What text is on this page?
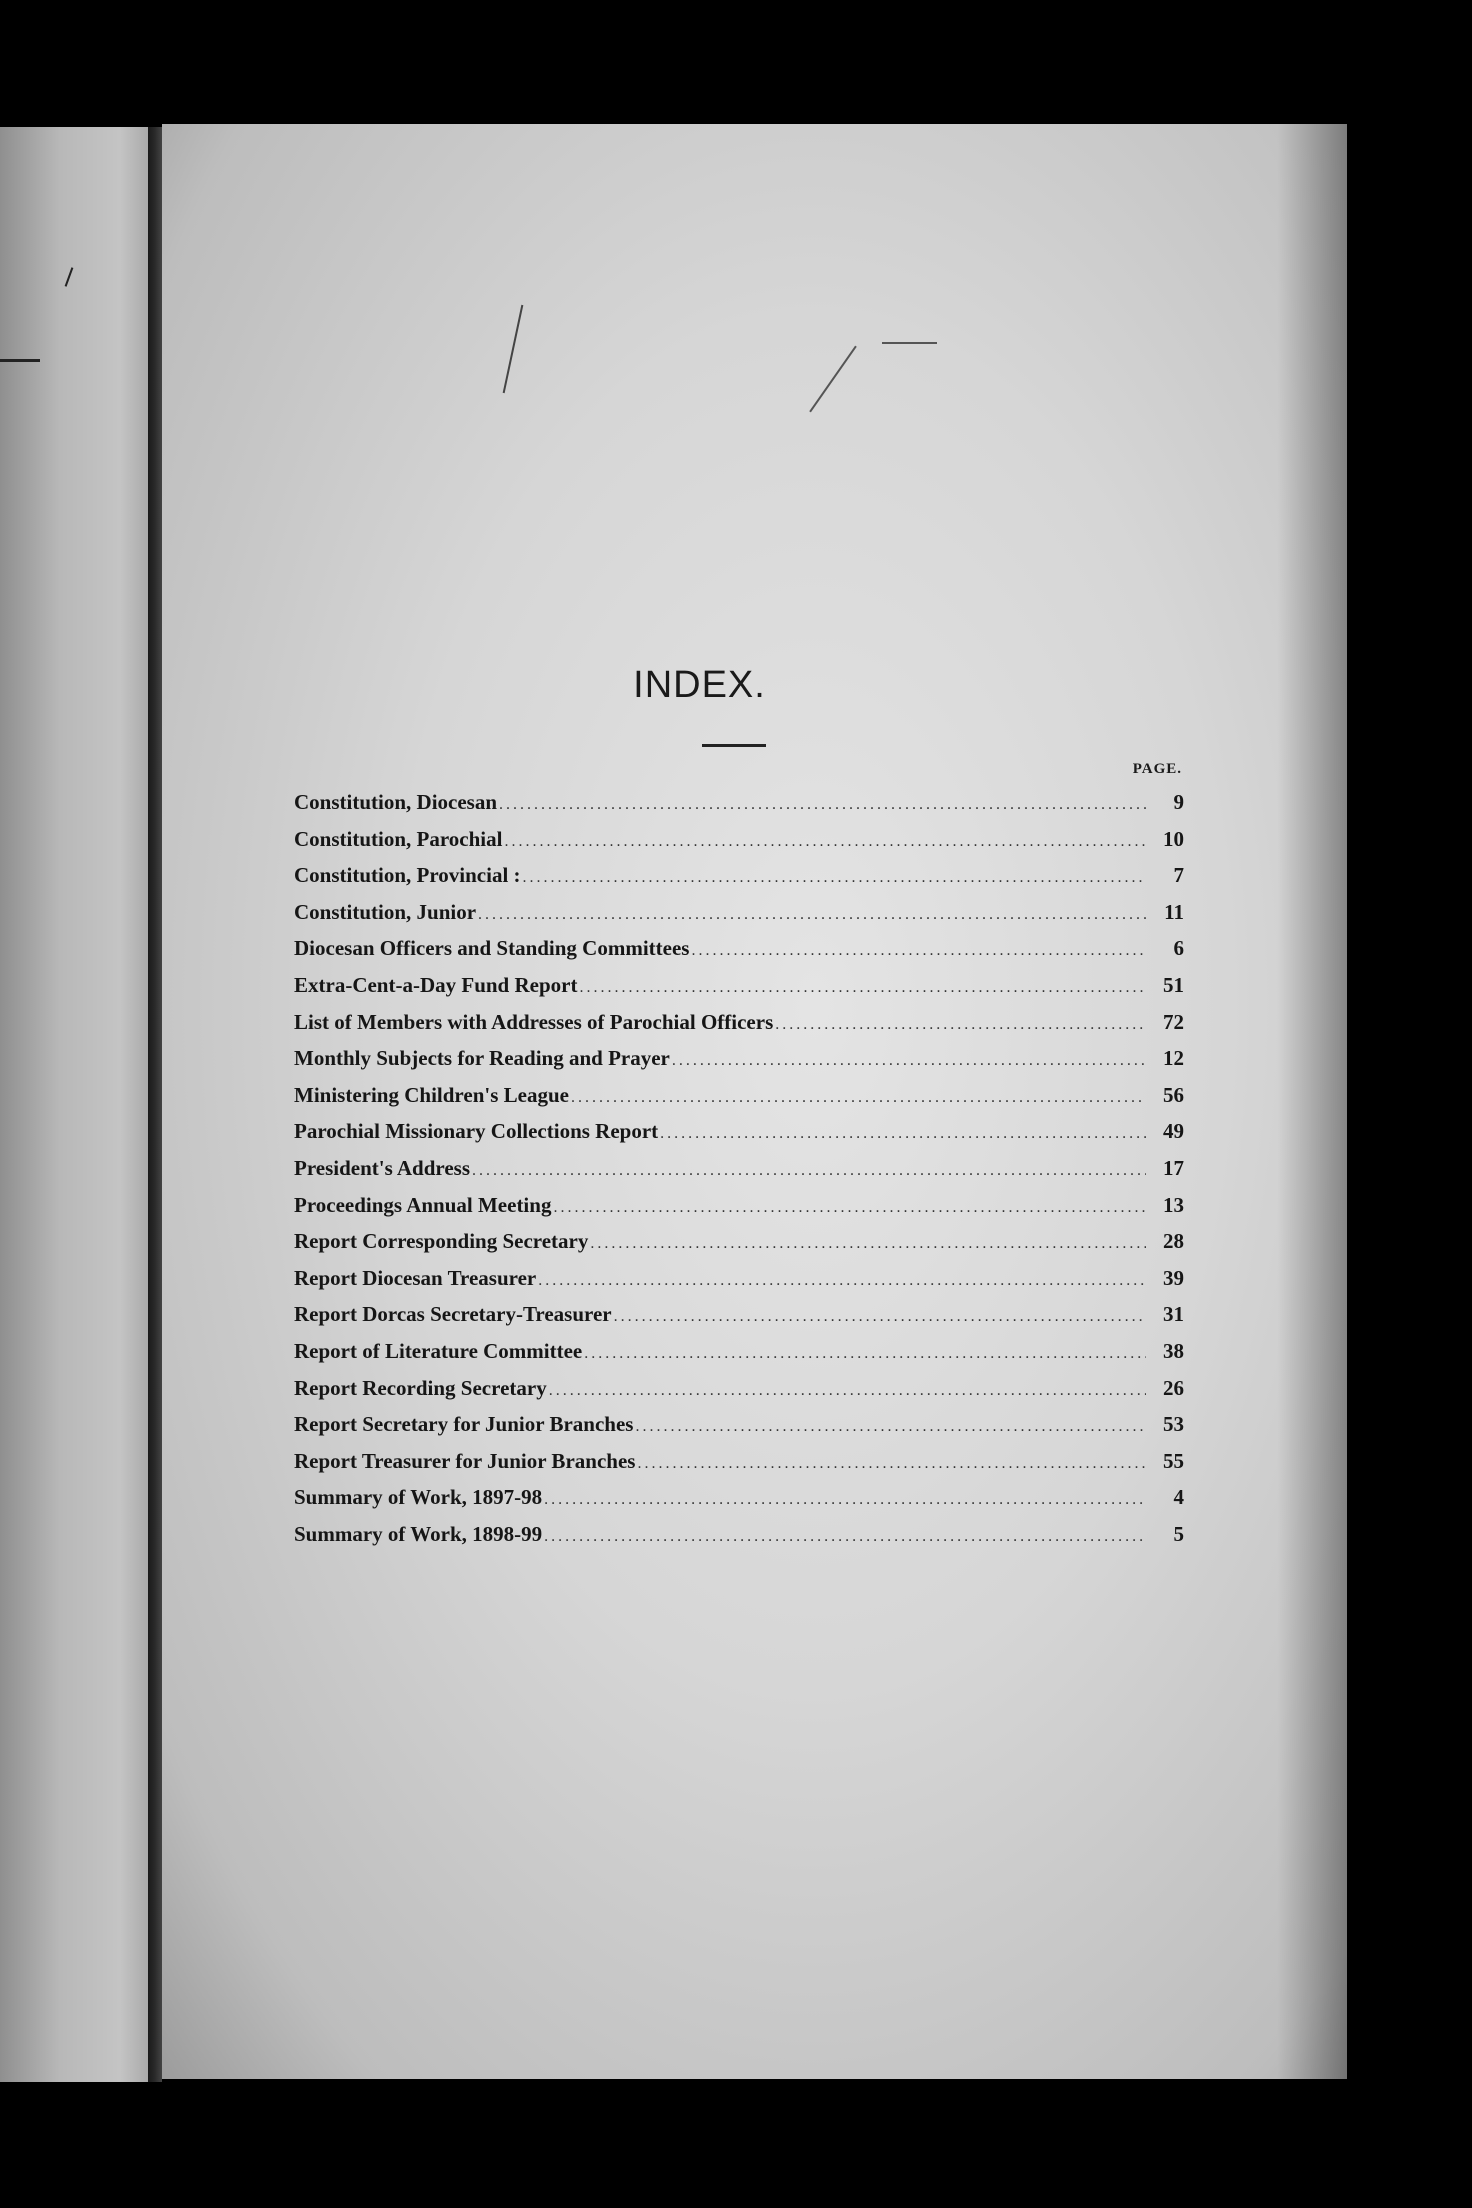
INDEX.
PAGE.
Constitution, Diocesan .....	9
Constitution, Parochial .....	10
Constitution, Provincial : .....	7
Constitution, Junior .....	11
Diocesan Officers and Standing Committees .....	6
Extra-Cent-a-Day Fund Report .....	51
List of Members with Addresses of Parochial Officers .....	72
Monthly Subjects for Reading and Prayer .....	12
Ministering Children's League .....	56
Parochial Missionary Collections Report .....	49
President's Address .....	17
Proceedings Annual Meeting .....	13
Report Corresponding Secretary .....	28
Report Diocesan Treasurer .....	39
Report Dorcas Secretary-Treasurer .....	31
Report of Literature Committee .....	38
Report Recording Secretary .....	26
Report Secretary for Junior Branches .....	53
Report Treasurer for Junior Branches .....	55
Summary of Work, 1897-98 .....	4
Summary of Work, 1898-99 .....	5
